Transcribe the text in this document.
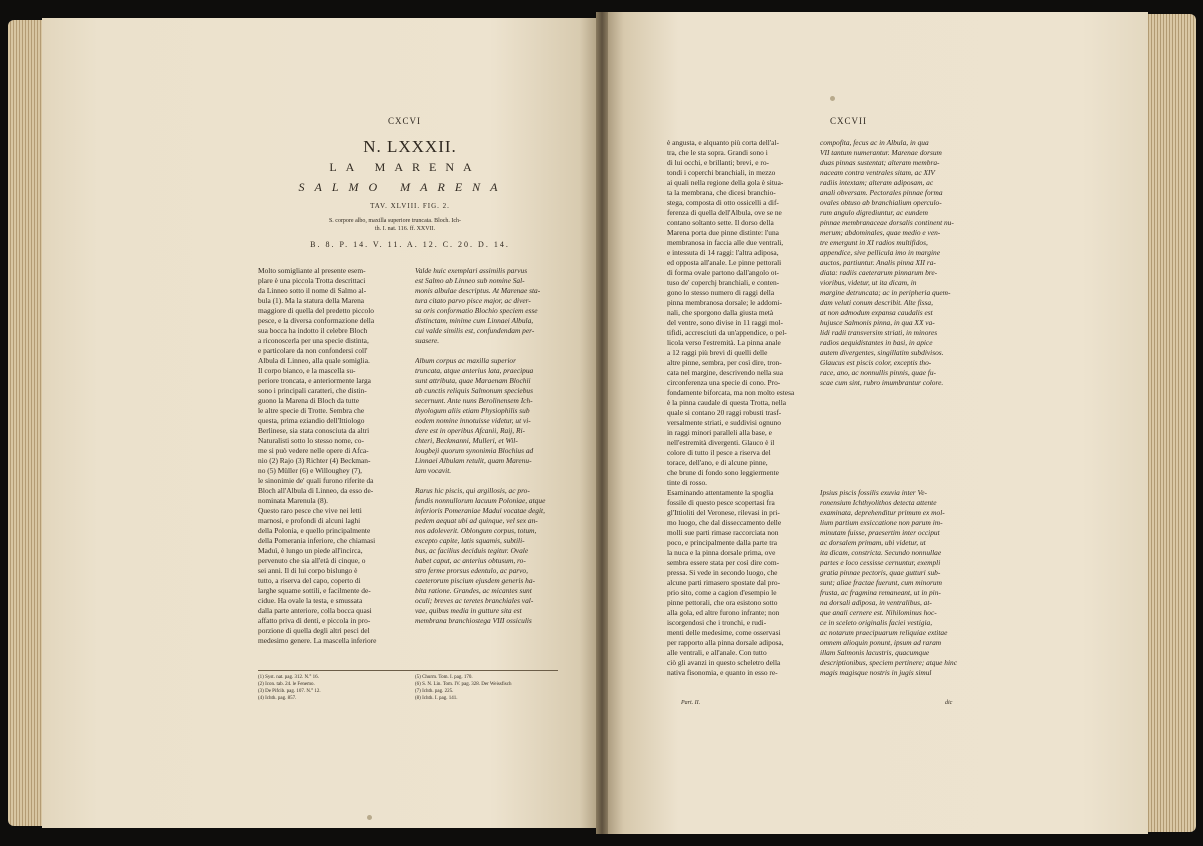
CXCVI
N. LXXXII.
LA MARENA
SALMO MARENA
TAV. XLVIII. FIG. 2.
S. corpore albo, maxilla superiore truncata. Bloch. Ich-
th. I. nat. 116. ff. XXVII.
B. 8. P. 14. V. 11. A. 12. C. 20. D. 14.
Molto somigliante al presente esem-
plare è una piccola Trotta descrittaci
da Linneo sotto il nome di Salmo al-
bula (1). Ma la statura della Marena
maggiore di quella del predetto piccolo
pesce, e la diversa conformazione della
sua bocca ha indotto il celebre Bloch
a riconoscerla per una specie distinta,
e particolare da non confondersi coll'
Albula di Linneo, alla quale somiglia.
Il corpo bianco, e la mascella su-
periore troncata, e anteriormente larga
sono i principali caratteri, che distin-
guono la Marena di Bloch da tutte
le altre specie di Trotte. Sembra che
questa, prima eziandio dell'Ittiologo
Berlinese, sia stata conosciuta da altri
Naturalisti sotto lo stesso nome, co-
me si può vedere nelle opere di Afca-
nio (2) Rajo (3) Richter (4) Beckman-
no (5) Müller (6) e Willoughey (7),
le sinonimie de' quali furono riferite da
Bloch all'Albula di Linneo, da esso de-
nominata Marenula (8).
Questo raro pesce che vive nei letti
marnosi, e profondi di alcuni laghi
della Polonia, e quello principalmente
della Pomerania inferiore, che chiamasi
Maduì, è lungo un piede all'incirca,
pervenuto che sia all'età di cinque, o
sei anni. Il di lui corpo bislungo è
tutto, a riserva del capo, coperto di
larghe squame sottili, e facilmente de-
cidue. Ha ovale la testa, e smussata
dalla parte anteriore, colla bocca quasi
affatto priva di denti, e piccola in pro-
porzione di quella degli altri pesci del
medesimo genere. La mascella inferiore
Valde huic exemplari assimilis parvus
est Salmo ab Linneo sub nomine Sal-
monis albulae descriptus. At Marenae sta-
tura citato parvo pisce major, ac diver-
sa oris conformatio Blochio speciem esse
distinctam, minime cum Linnaei Albula,
cui valde similis est, confundendam per-
suasere.
Album corpus ac maxilla superior
truncata, atque anterius lata, praecipua
sunt attributa, quae Maraenam Blochii
ab cunctis reliquis Salmonum speciebus
secernunt. Ante nuns Berolinensem Ich-
thyologum aliis etiam Physiophilis sub
eodem nomine innotuisse videtur, ut vi-
dere est in operibus Afcanii, Raij, Ri-
chteri, Beckmanni, Mulleri, et Wil-
lougbeji quorum synonimia Blochius ad
Linnaei Albulam retulit, quam Marenu-
lam vocavit.
Rarus hic piscis, qui argillosis, ac pro-
fundis nonnullorum lacuum Poloniae, atque
inferioris Pomeraniae Madui vocatae degit,
pedem aequat ubi ad quinque, vel sex an-
nos adoleverit. Oblongum corpus, totum,
excepto capite, latis squamis, subtili-
bus, ac facilius deciduis tegitur. Ovale
habet caput, ac anterius obtusum, ro-
stro ferme prorsus edentulo, ac parvo,
caeterorum piscium ejusdem generis ha-
bita ratione. Grandes, ac micantes sunt
oculi; breves ac teretes branchiales val-
vae, quibus media in gutture sita est
membrana branchiostega VIII ossiculis
(1) Syst. nat. pag. 312. N.° 16.
(2) Icon. tab. 24. le Fenemo.
(3) De Pifcib. pag. 107. N.° 12.
(4) Ichth. pag. 857.
(5) Churm. Tom. I. pag. 170.
(6) S. N. Lin. Tom. IV. pag. 328. Der Weissfisch
(7) Ichth. pag. 225.
(8) Ichth. I. pag. 141.
CXCVII
è angusta, e alquanto più corta dell'al-
tra, che le sta sopra. Grandi sono i
di lui occhi, e brillanti; brevi, e ro-
tondi i coperchi branchiali, in mezzo
ai quali nella regione della gola è situa-
ta la membrana, che dicesi branchio-
stega, composta di otto ossicelli a dif-
ferenza di quella dell'Albula, ove se ne
contano soltanto sette. Il dorso della
Marena porta due pinne distinte: l'una
membranosa in faccia alle due ventrali,
e intessuta di 14 raggi: l'altra adiposa,
ed opposta all'anale. Le pinne pettorali
di forma ovale partono dall'angolo ot-
tuso de' coperchj branchiali, e conten-
gono lo stesso numero di raggi della
pinna membranosa dorsale; le addomi-
nali, che sporgono dalla giusta metà
del ventre, sono divise in 11 raggi mol-
tifidi, accresciuti da un'appendice, o pel-
licola verso l'estremità. La pinna anale
a 12 raggi più brevi di quelli delle
altre pinne, sembra, per così dire, tron-
cata nel margine, descrivendo nella sua
circonferenza una specie di cono. Pro-
fondamente biforcata, ma non molto estesa
è la pinna caudale di questa Trotta, nella
quale si contano 20 raggi robusti trasf-
versalmente striati, e suddivisi ognuno
in raggi minori paralleli alla base, e
nell'estremità divergenti. Glauco è il
colore di tutto il pesce a riserva del
torace, dell'ano, e di alcune pinne,
che brune di fondo sono leggiermente
tinte di rosso.
Esaminando attentamente la spoglia
fossile di questo pesce scopertasi fra
gl'Ittioliti del Veronese, rilevasi in pri-
mo luogo, che dal disseccamento delle
molli sue parti rimase raccorciata non
poco, e principalmente dalla parte tra
la nuca e la pinna dorsale prima, ove
sembra essere stata per così dire com-
pressa. Si vede in secondo luogo, che
alcune parti rimasero spostate dal pro-
prio sito, come a cagion d'esempio le
pinne pettorali, che ora esistono sotto
alla gola, ed altre furono infrante; non
iscorgendosi che i tronchi, e rudi-
menti delle medesime, come osservasi
per rapporto alla pinna dorsale adiposa,
alle ventrali, e all'anale. Con tutto
ciò gli avanzi in questo scheletro della
nativa fisonomia, e quanto in esso re-
compofita, fecus ac in Albula, in qua
VII tantum numerantur. Marenae dorsum
duas pinnas sustentat; alteram membra-
naceam contra ventrales sitam, ac XIV
radiis intextam; alteram adiposam, ac
anali obversam. Pectorales pinnae forma
ovales obtuso ab branchialium operculo-
rum angulo digrediuntur, ac eundem
pinnae membranaceae dorsalis continent nu-
merum; abdominales, quae medio e ven-
tre emergunt in XI radios multifidos,
appendice, sive pellicula imo in margine
auctos, partiuntur. Analis pinna XII ra-
diata: radiis caeterarum pinnarum bre-
vioribus, videtur, ut ita dicam, in
margine detruncata; ac in peripheria quem-
dam veluti conum describit. Alte fissa,
at non admodum expansa caudalis est
hujusce Salmonis pinna, in qua XX va-
lidi radii transversim striati, in minores
radios aequidistantes in basi, in apice
autem divergentes, singillatim subdivisos.
Glaucus est piscis color, exceptis tho-
race, ano, ac nonnullis pinnis, quae fu-
scae cum sint, rubro imumbrantur colore.
Ipsius piscis fossilis exuvia inter Ve-
ronensium Ichthyolithos detecta attente
examinata, deprehenditur primum ex mol-
lium partium exsiccatione non parum im-
minutam fuisse, praesertim inter occiput
ac dorsalem primam, ubi videtur, ut
ita dicam, constricta. Secundo nonnullae
partes e loco cessisse cernuntur, exempli
gratia pinnae pectoris, quae gutturi sub-
sunt; aliae fractae fuerunt, cum minorum
frusta, ac fragmina remaneant, ut in pin-
na dorsali adiposa, in ventralibus, at-
que anali cernere est. Nihilominus hoc-
ce in sceleto originalis faciei vestigia,
ac notarum praecipuarum reliquiae extitae
omnem alioquin ponunt, ipsum ad raram
illam Salmonis lacustris, quacumque
descriptionibus, speciem pertinere; atque hinc
magis magisque nostris in jugis simul
Part. II.	dic
